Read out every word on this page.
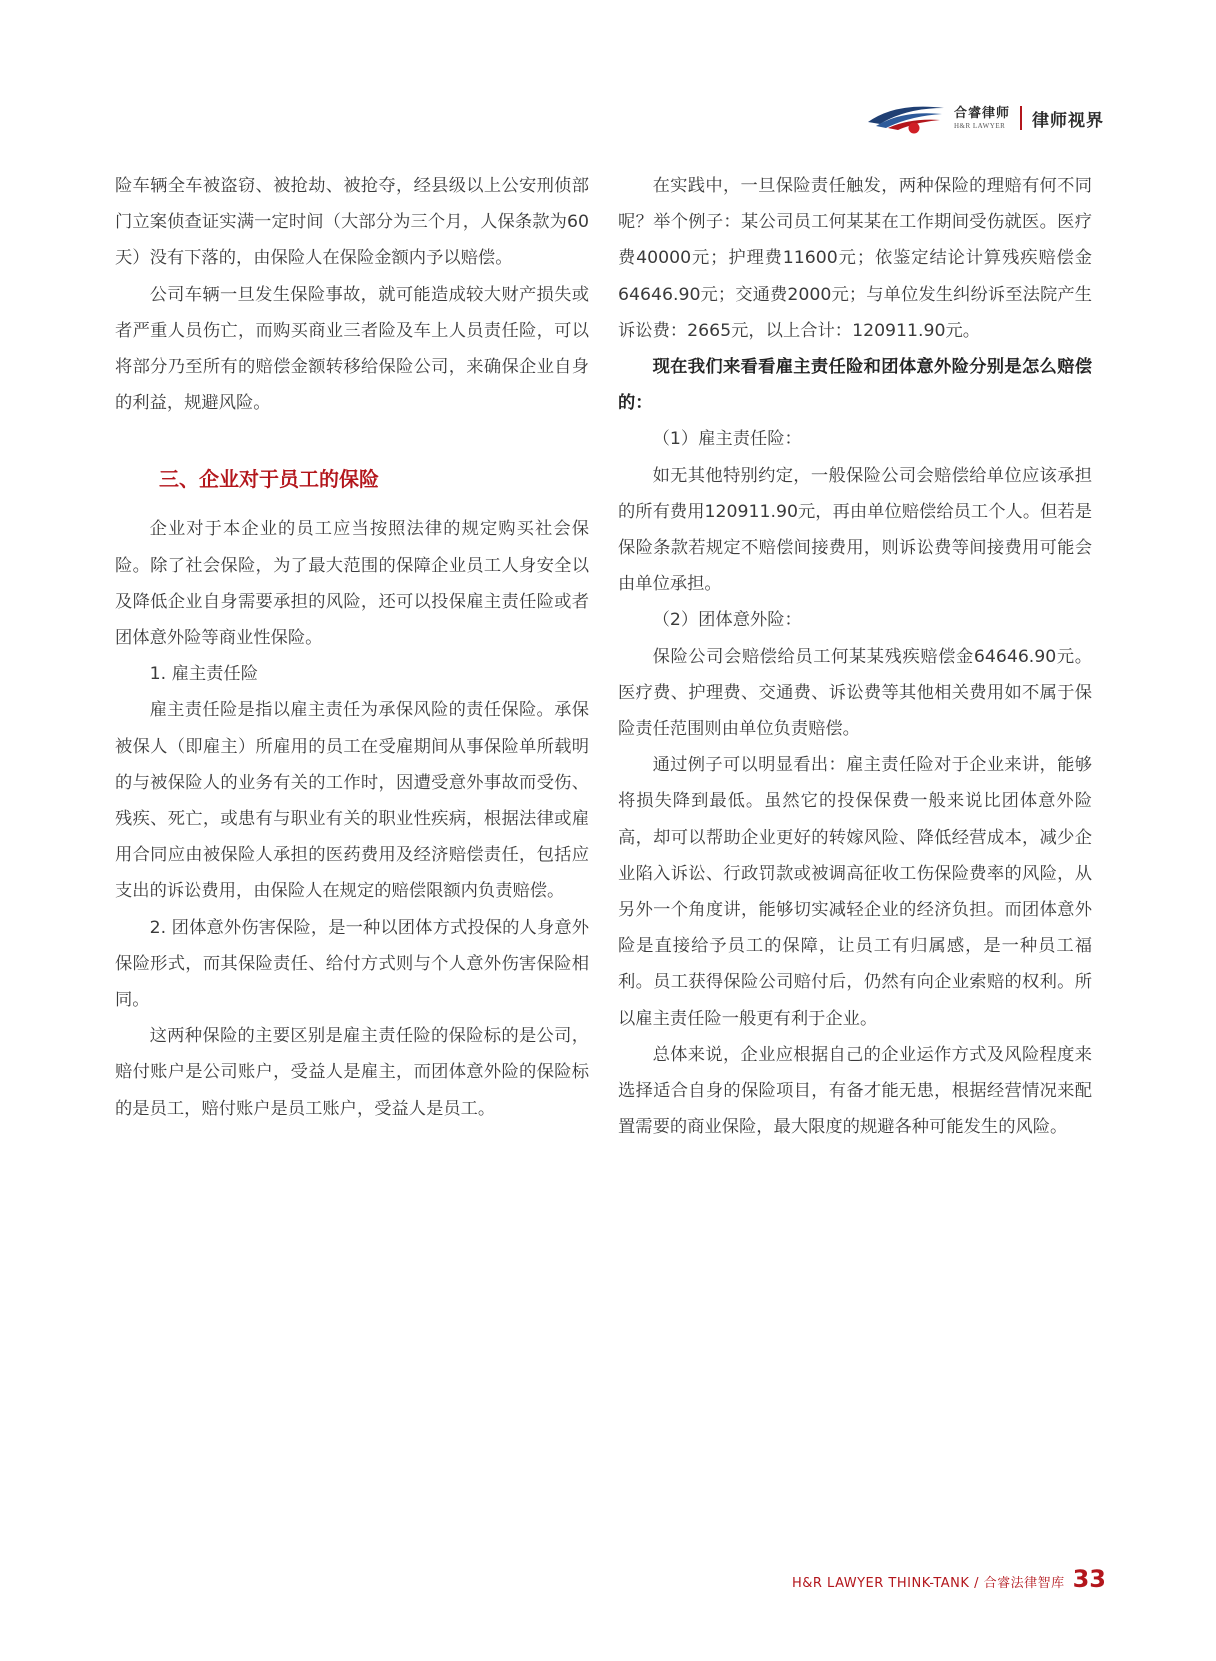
合睿律师
H&R LAWYER 律师视界

险车辆全车被盗窃、被抢劫、被抢夺，经县级以上公安刑侦部门立案侦查证实满一定时间（大部分为三个月，人保条款为60天）没有下落的，由保险人在保险金额内予以赔偿。

公司车辆一旦发生保险事故，就可能造成较大财产损失或者严重人员伤亡，而购买商业三者险及车上人员责任险，可以将部分乃至所有的赔偿金额转移给保险公司，来确保企业自身的利益，规避风险。

三、企业对于员工的保险

企业对于本企业的员工应当按照法律的规定购买社会保险。除了社会保险，为了最大范围的保障企业员工人身安全以及降低企业自身需要承担的风险，还可以投保雇主责任险或者团体意外险等商业性保险。

1. 雇主责任险

雇主责任险是指以雇主责任为承保风险的责任保险。承保被保人（即雇主）所雇用的员工在受雇期间从事保险单所载明的与被保险人的业务有关的工作时，因遭受意外事故而受伤、残疾、死亡，或患有与职业有关的职业性疾病，根据法律或雇用合同应由被保险人承担的医药费用及经济赔偿责任，包括应支出的诉讼费用，由保险人在规定的赔偿限额内负责赔偿。

2. 团体意外伤害保险，是一种以团体方式投保的人身意外保险形式，而其保险责任、给付方式则与个人意外伤害保险相同。

这两种保险的主要区别是雇主责任险的保险标的是公司，赔付账户是公司账户，受益人是雇主，而团体意外险的保险标的是员工，赔付账户是员工账户，受益人是员工。

在实践中，一旦保险责任触发，两种保险的理赔有何不同呢？举个例子：某公司员工何某某在工作期间受伤就医。医疗费40000元；护理费11600元；依鉴定结论计算残疾赔偿金64646.90元；交通费2000元；与单位发生纠纷诉至法院产生诉讼费：2665元，以上合计：120911.90元。

现在我们来看看雇主责任险和团体意外险分别是怎么赔偿的：

（1）雇主责任险：

如无其他特别约定，一般保险公司会赔偿给单位应该承担的所有费用120911.90元，再由单位赔偿给员工个人。但若是保险条款若规定不赔偿间接费用，则诉讼费等间接费用可能会由单位承担。

（2）团体意外险：

保险公司会赔偿给员工何某某残疾赔偿金64646.90元。医疗费、护理费、交通费、诉讼费等其他相关费用如不属于保险责任范围则由单位负责赔偿。

通过例子可以明显看出：雇主责任险对于企业来讲，能够将损失降到最低。虽然它的投保保费一般来说比团体意外险高，却可以帮助企业更好的转嫁风险、降低经营成本，减少企业陷入诉讼、行政罚款或被调高征收工伤保险费率的风险，从另外一个角度讲，能够切实减轻企业的经济负担。而团体意外险是直接给予员工的保障，让员工有归属感，是一种员工福利。员工获得保险公司赔付后，仍然有向企业索赔的权利。所以雇主责任险一般更有利于企业。

总体来说，企业应根据自己的企业运作方式及风险程度来选择适合自身的保险项目，有备才能无患，根据经营情况来配置需要的商业保险，最大限度的规避各种可能发生的风险。

H&R LAWYER THINK-TANK / 合睿法律智库 33
